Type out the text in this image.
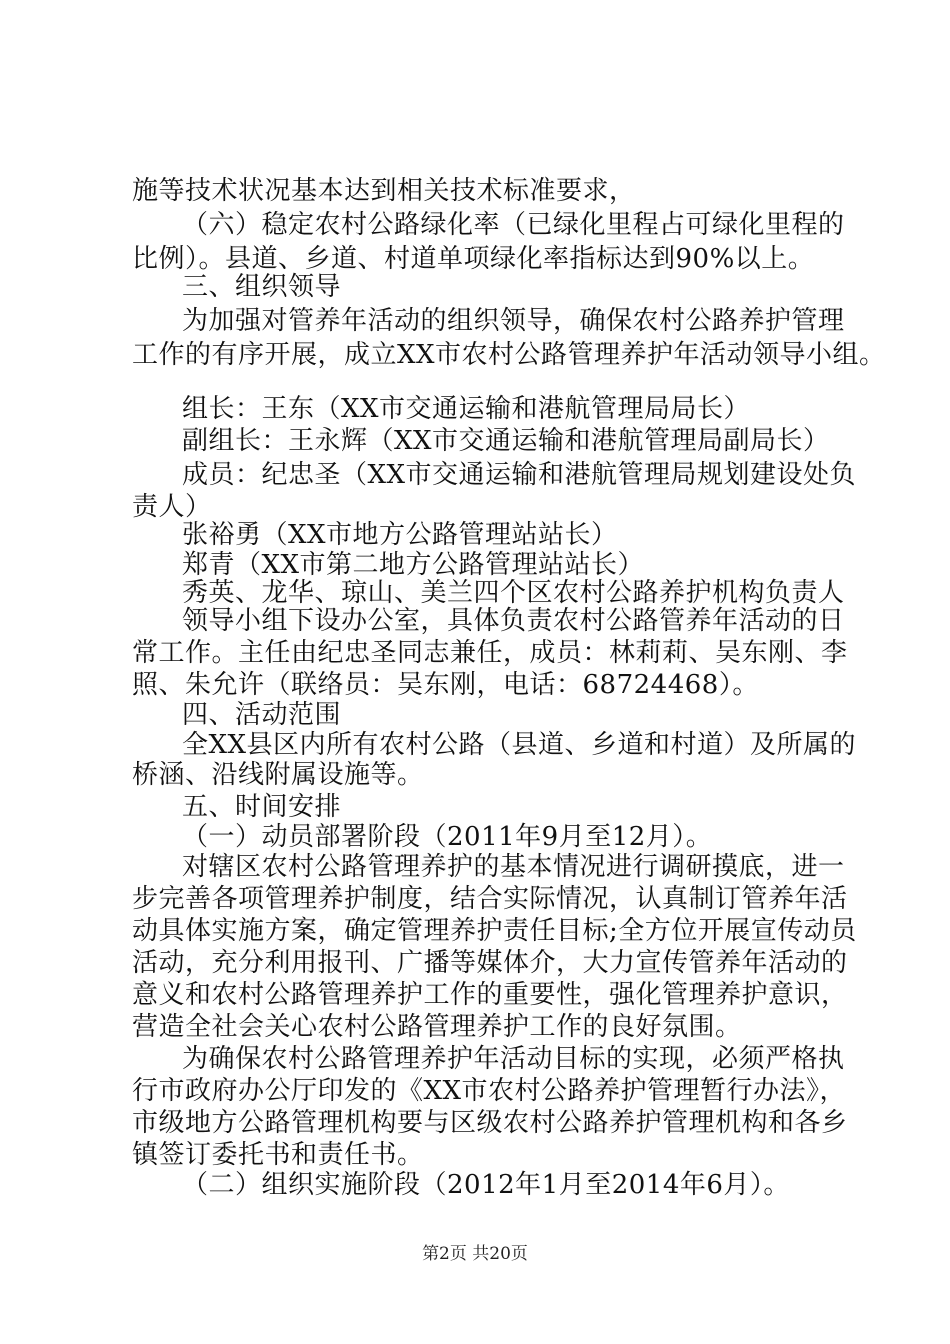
施等技术状况基本达到相关技术标准要求，
（六）稳定农村公路绿化率（已绿化里程占可绿化里程的
比例）。县道、乡道、村道单项绿化率指标达到90%以上。
三、组织领导
为加强对管养年活动的组织领导，确保农村公路养护管理
工作的有序开展，成立XX市农村公路管理养护年活动领导小组。
组长：王东（XX市交通运输和港航管理局局长）
副组长：王永辉（XX市交通运输和港航管理局副局长）
成员：纪忠圣（XX市交通运输和港航管理局规划建设处负
责人）
张裕勇（XX市地方公路管理站站长）
郑青（XX市第二地方公路管理站站长）
秀英、龙华、琼山、美兰四个区农村公路养护机构负责人
领导小组下设办公室，具体负责农村公路管养年活动的日
常工作。主任由纪忠圣同志兼任，成员：林莉莉、吴东刚、李
照、朱允许（联络员：吴东刚，电话：68724468）。
四、活动范围
全XX县区内所有农村公路（县道、乡道和村道）及所属的
桥涵、沿线附属设施等。
五、时间安排
（一）动员部署阶段（2011年9月至12月）。
对辖区农村公路管理养护的基本情况进行调研摸底，进一
步完善各项管理养护制度，结合实际情况，认真制订管养年活
动具体实施方案，确定管理养护责任目标;全方位开展宣传动员
活动，充分利用报刊、广播等媒体介，大力宣传管养年活动的
意义和农村公路管理养护工作的重要性，强化管理养护意识，
营造全社会关心农村公路管理养护工作的良好氛围。
为确保农村公路管理养护年活动目标的实现，必须严格执
行市政府办公厅印发的《XX市农村公路养护管理暂行办法》，
市级地方公路管理机构要与区级农村公路养护管理机构和各乡
镇签订委托书和责任书。
（二）组织实施阶段（2012年1月至2014年6月）。
第2页 共20页
